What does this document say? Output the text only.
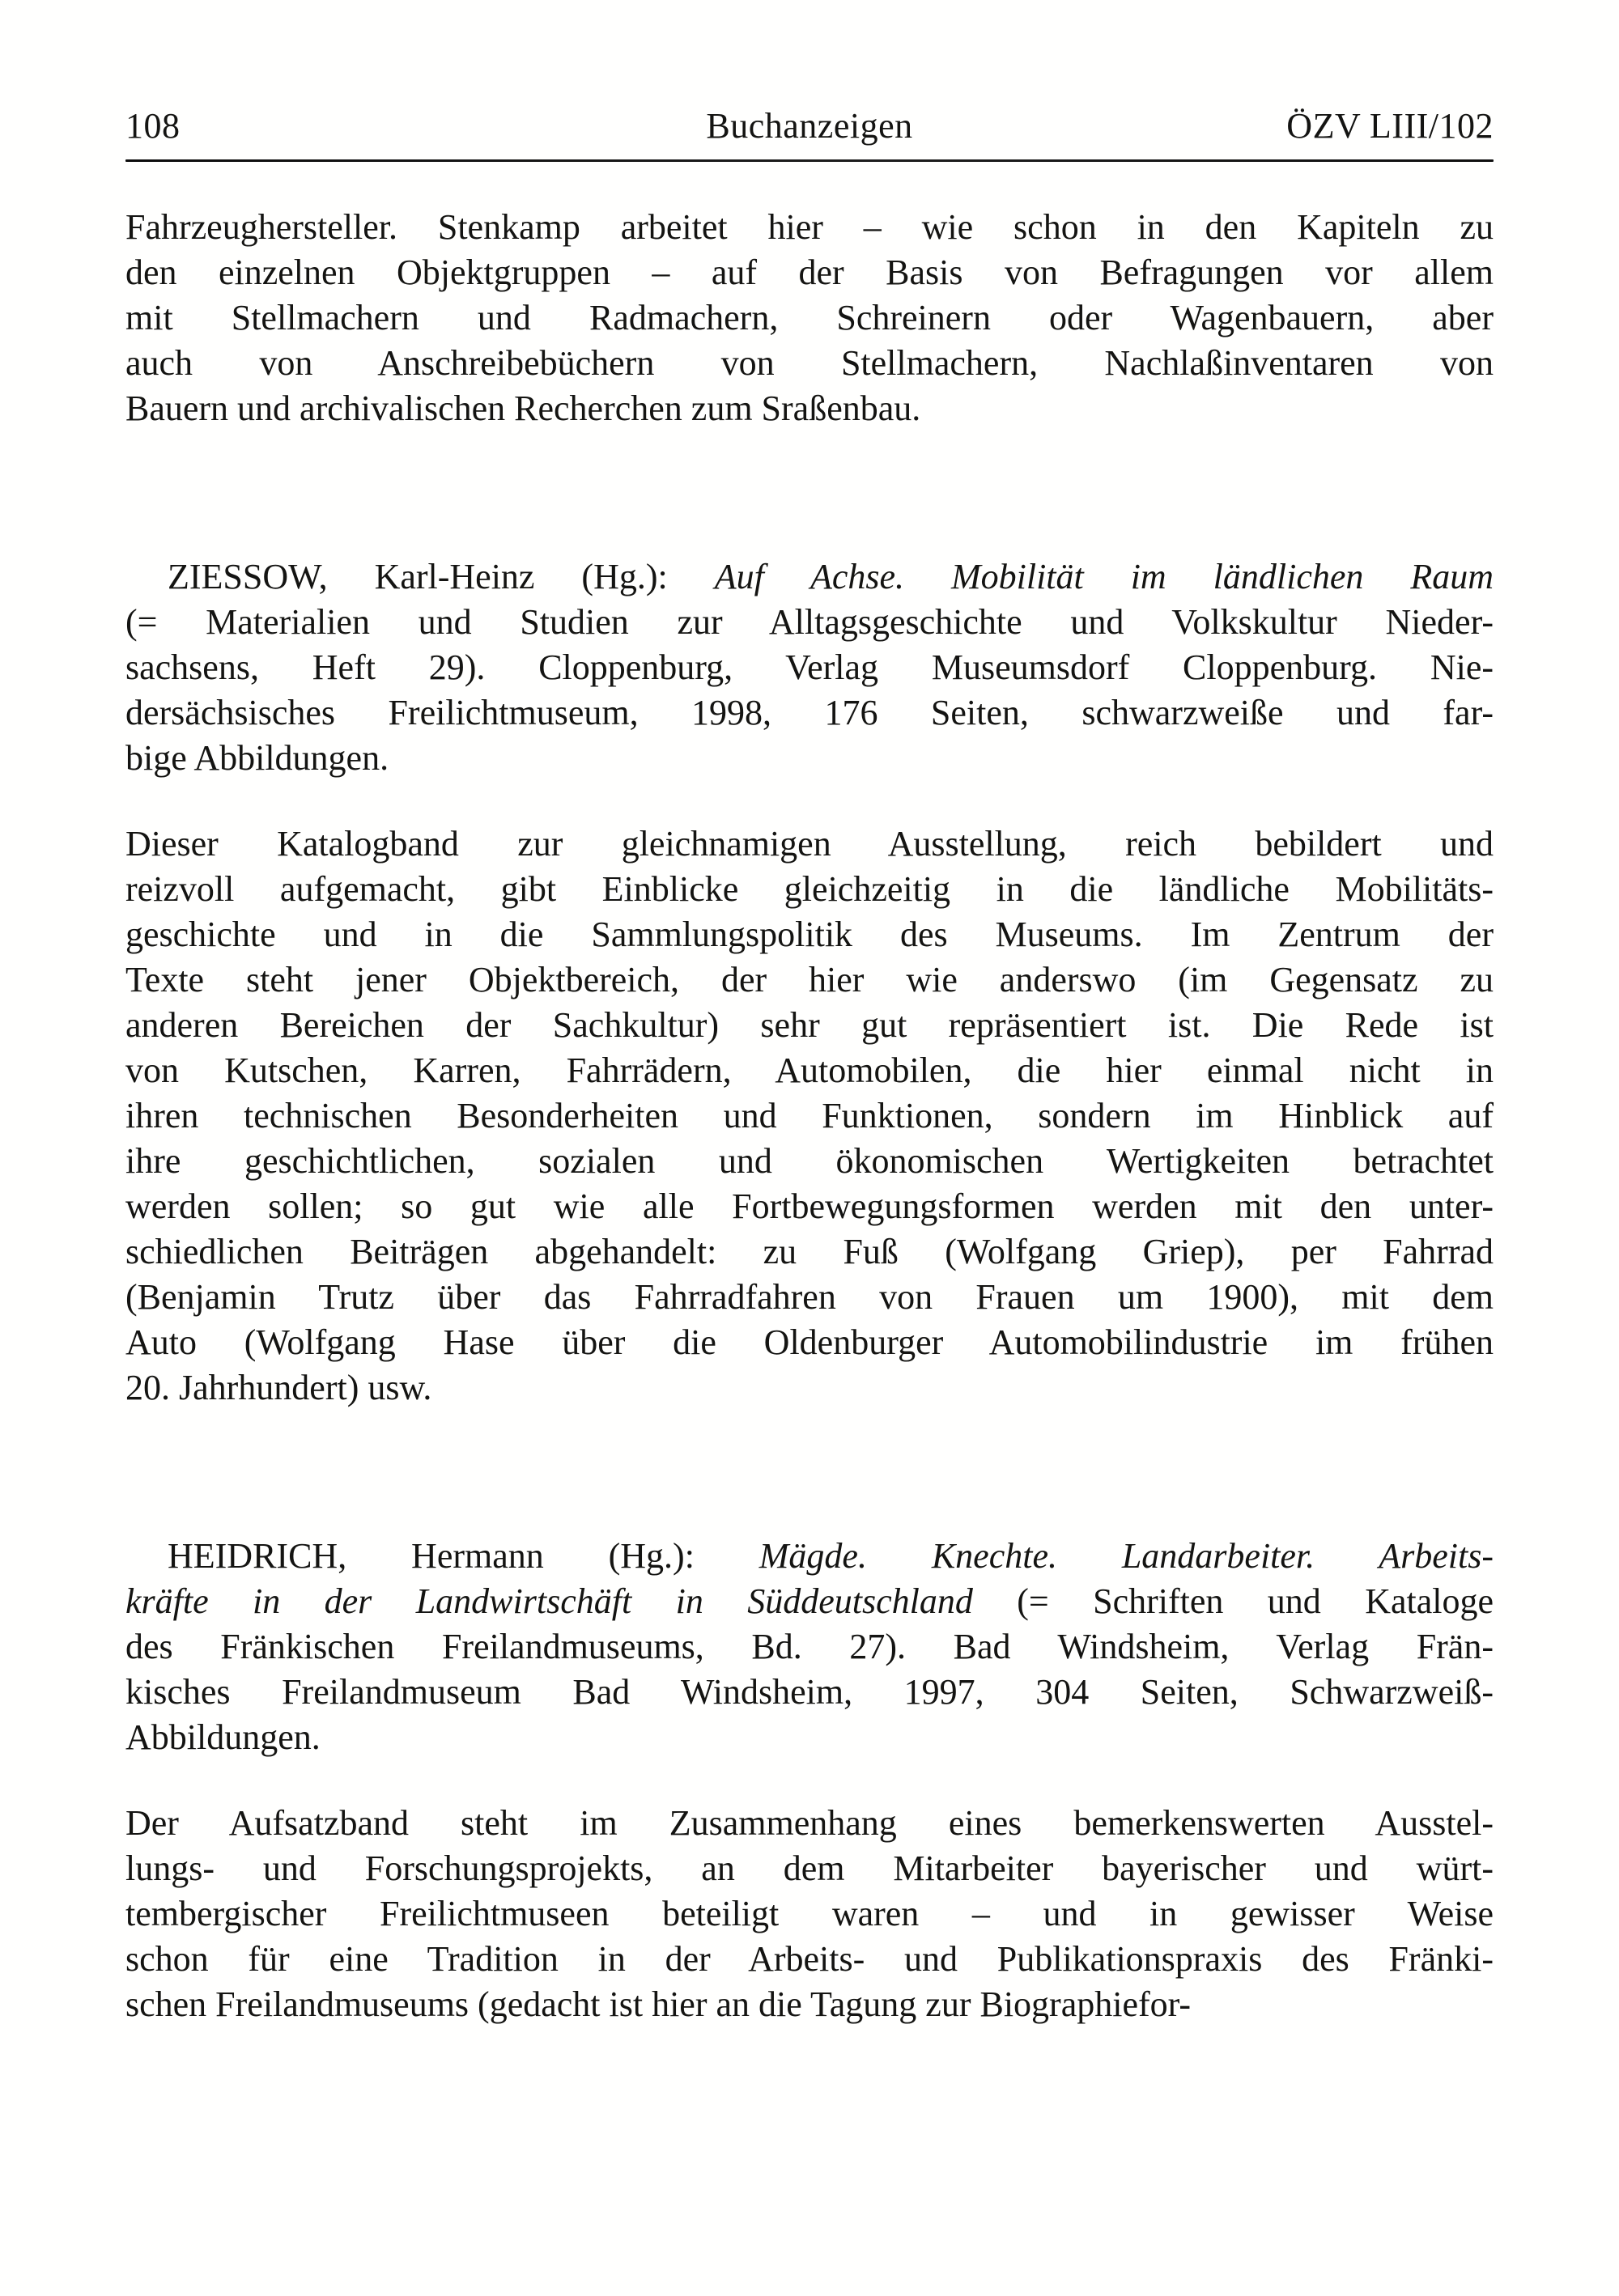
108	Buchanzeigen	ÖZV LIII/102
Fahrzeughersteller. Stenkamp arbeitet hier – wie schon in den Kapiteln zu
den einzelnen Objektgruppen – auf der Basis von Befragungen vor allem
mit Stellmachern und Radmachern, Schreinern oder Wagenbauern, aber
auch von Anschreibebüchern von Stellmachern, Nachlaßinventaren von
Bauern und archivalischen Recherchen zum Sraßenbau.
ZIESSOW, Karl-Heinz (Hg.): Auf Achse. Mobilität im ländlichen Raum
(= Materialien und Studien zur Alltagsgeschichte und Volkskultur Nieder-
sachsens, Heft 29). Cloppenburg, Verlag Museumsdorf Cloppenburg. Nie-
dersächsisches Freilichtmuseum, 1998, 176 Seiten, schwarzweiße und far-
bige Abbildungen.
Dieser Katalogband zur gleichnamigen Ausstellung, reich bebildert und
reizvoll aufgemacht, gibt Einblicke gleichzeitig in die ländliche Mobilitäts-
geschichte und in die Sammlungspolitik des Museums. Im Zentrum der
Texte steht jener Objektbereich, der hier wie anderswo (im Gegensatz zu
anderen Bereichen der Sachkultur) sehr gut repräsentiert ist. Die Rede ist
von Kutschen, Karren, Fahrrädern, Automobilen, die hier einmal nicht in
ihren technischen Besonderheiten und Funktionen, sondern im Hinblick auf
ihre geschichtlichen, sozialen und ökonomischen Wertigkeiten betrachtet
werden sollen; so gut wie alle Fortbewegungsformen werden mit den unter-
schiedlichen Beiträgen abgehandelt: zu Fuß (Wolfgang Griep), per Fahrrad
(Benjamin Trutz über das Fahrradfahren von Frauen um 1900), mit dem
Auto (Wolfgang Hase über die Oldenburger Automobilindustrie im frühen
20. Jahrhundert) usw.
HEIDRICH, Hermann (Hg.): Mägde. Knechte. Landarbeiter. Arbeits-
kräfte in der Landwirtschäft in Süddeutschland (= Schriften und Kataloge
des Fränkischen Freilandmuseums, Bd. 27). Bad Windsheim, Verlag Frän-
kisches Freilandmuseum Bad Windsheim, 1997, 304 Seiten, Schwarzweiß-
Abbildungen.
Der Aufsatzband steht im Zusammenhang eines bemerkenswerten Ausstel-
lungs- und Forschungsprojekts, an dem Mitarbeiter bayerischer und würt-
tembergischer Freilichtmuseen beteiligt waren – und in gewisser Weise
schon für eine Tradition in der Arbeits- und Publikationspraxis des Fränki-
schen Freilandmuseums (gedacht ist hier an die Tagung zur Biographiefor-
